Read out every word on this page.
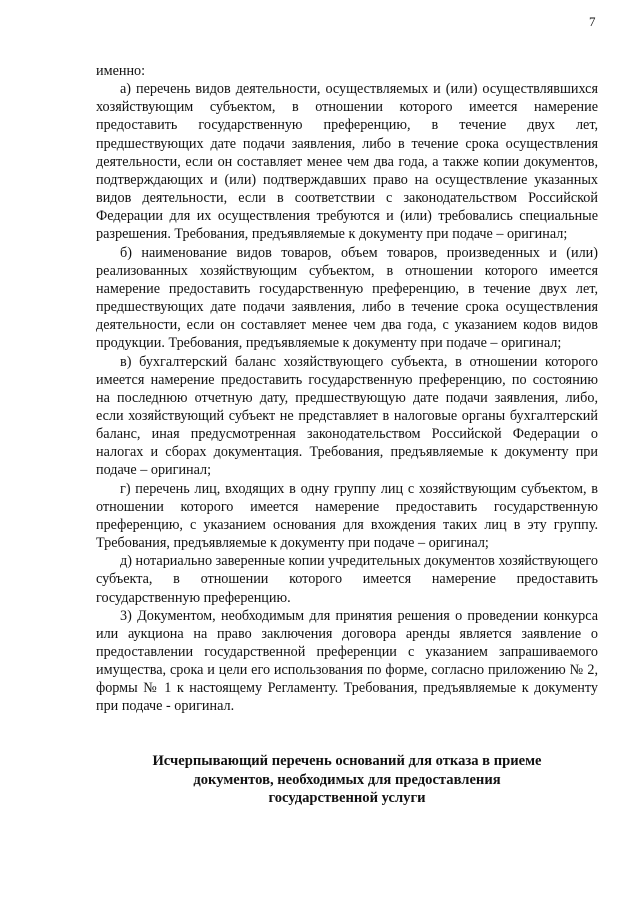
7

именно:

а) перечень видов деятельности, осуществляемых и (или) осуществлявшихся хозяйствующим субъектом, в отношении которого имеется намерение предоставить государственную преференцию, в течение двух лет, предшествующих дате подачи заявления, либо в течение срока осуществления деятельности, если он составляет менее чем два года, а также копии документов, подтверждающих и (или) подтверждавших право на осуществление указанных видов деятельности, если в соответствии с законодательством Российской Федерации для их осуществления требуются и (или) требовались специальные разрешения. Требования, предъявляемые к документу при подаче – оригинал;

б) наименование видов товаров, объем товаров, произведенных и (или) реализованных хозяйствующим субъектом, в отношении которого имеется намерение предоставить государственную преференцию, в течение двух лет, предшествующих дате подачи заявления, либо в течение срока осуществления деятельности, если он составляет менее чем два года, с указанием кодов видов продукции. Требования, предъявляемые к документу при подаче – оригинал;

в) бухгалтерский баланс хозяйствующего субъекта, в отношении которого имеется намерение предоставить государственную преференцию, по состоянию на последнюю отчетную дату, предшествующую дате подачи заявления, либо, если хозяйствующий субъект не представляет в налоговые органы бухгалтерский баланс, иная предусмотренная законодательством Российской Федерации о налогах и сборах документация. Требования, предъявляемые к документу при подаче – оригинал;

г) перечень лиц, входящих в одну группу лиц с хозяйствующим субъектом, в отношении которого имеется намерение предоставить государственную преференцию, с указанием основания для вхождения таких лиц в эту группу. Требования, предъявляемые к документу при подаче – оригинал;

д) нотариально заверенные копии учредительных документов хозяйствующего субъекта, в отношении которого имеется намерение предоставить государственную преференцию.

3) Документом, необходимым для принятия решения о проведении конкурса или аукциона на право заключения договора аренды является заявление о предоставлении государственной преференции с указанием запрашиваемого имущества, срока и цели его использования по форме, согласно приложению № 2, формы № 1 к настоящему Регламенту. Требования, предъявляемые к документу при подаче - оригинал.

Исчерпывающий перечень оснований для отказа в приеме
документов, необходимых для предоставления
государственной услуги
